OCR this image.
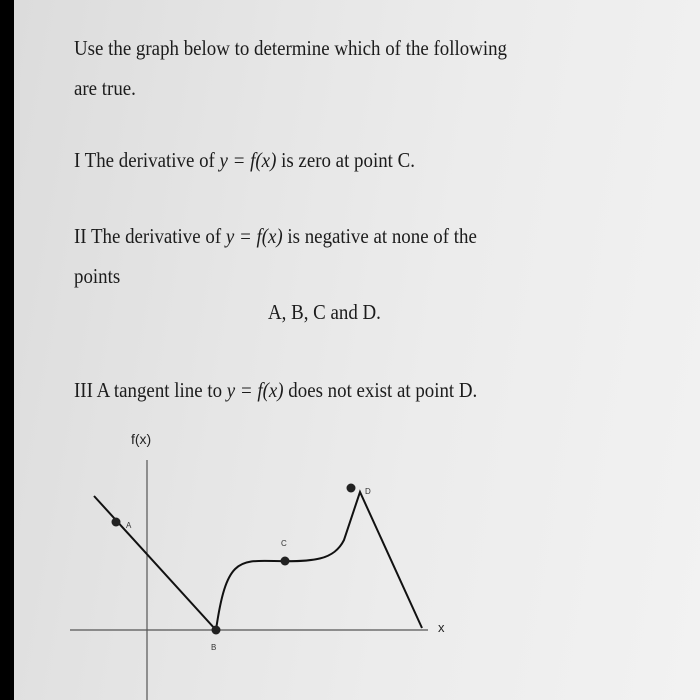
Use the graph below to determine which of the following
are true.
I The derivative of y = f(x) is zero at point C.
II The derivative of y = f(x) is negative at none of the
points
A, B, C and D.
III A tangent line to y = f(x) does not exist at point D.
f(x)
x
A
B
C
D
